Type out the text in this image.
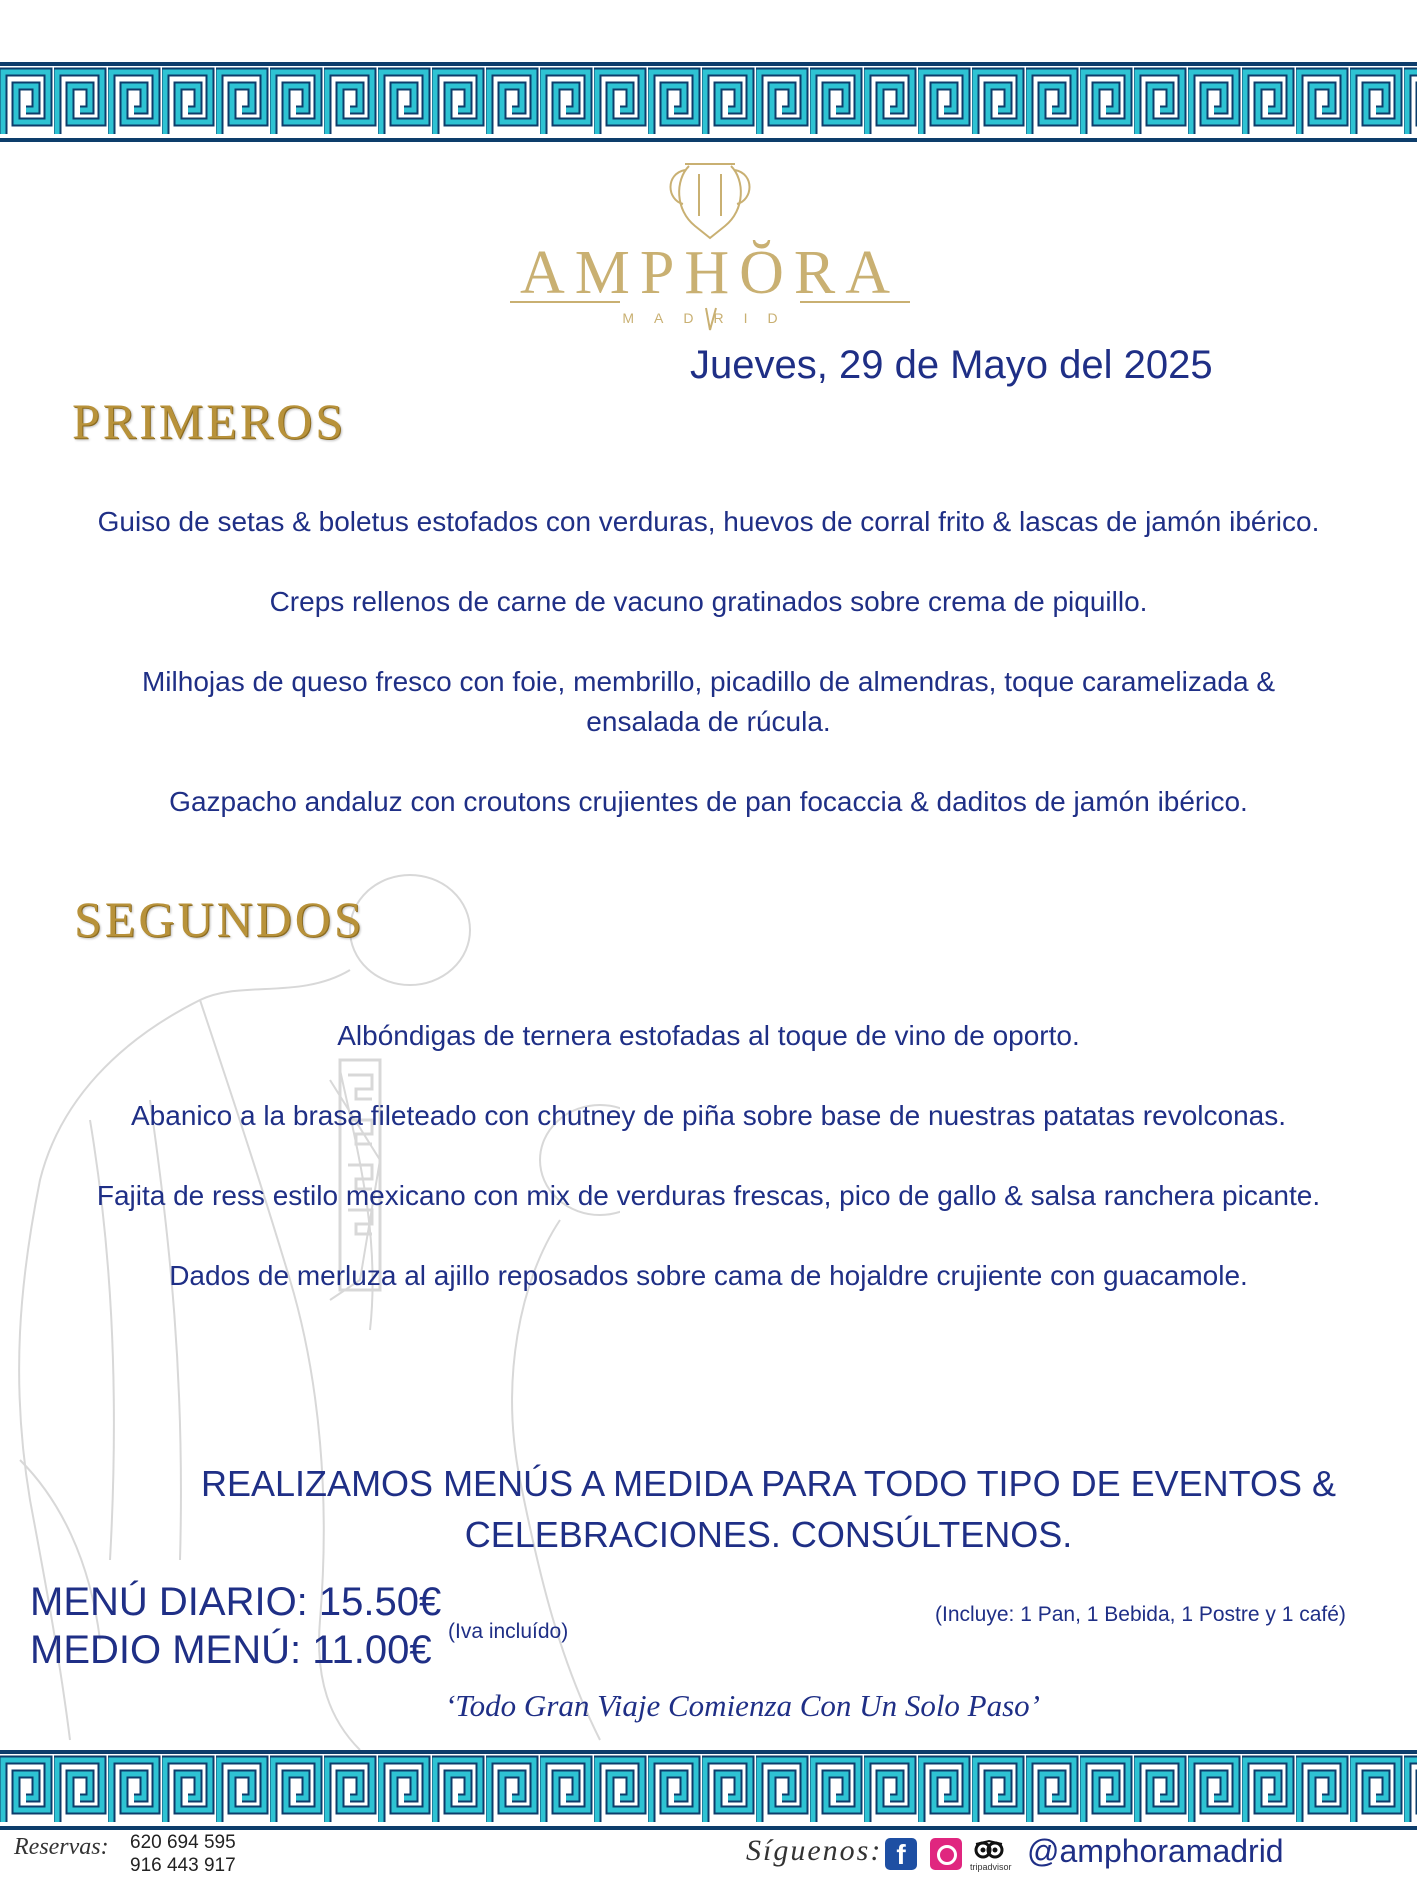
AMPHŎRA
MADRID
Jueves, 29 de Mayo del 2025
PRIMEROS
Guiso de setas & boletus estofados con verduras, huevos de corral frito & lascas de jamón ibérico.
Creps rellenos de carne de vacuno gratinados sobre crema de piquillo.
Milhojas de queso fresco con foie, membrillo, picadillo de almendras, toque caramelizada &
ensalada de rúcula.
Gazpacho andaluz con croutons crujientes de pan focaccia & daditos de jamón ibérico.
SEGUNDOS
Albóndigas de ternera estofadas al toque de vino de oporto.
Abanico a la brasa fileteado con chutney de piña sobre base de nuestras patatas revolconas.
Fajita de ress estilo mexicano con mix de verduras frescas, pico de gallo & salsa ranchera picante.
Dados de merluza al ajillo reposados sobre cama de hojaldre crujiente con guacamole.
REALIZAMOS MENÚS A MEDIDA PARA TODO TIPO DE EVENTOS &
CELEBRACIONES. CONSÚLTENOS.
MENÚ DIARIO: 15.50€
MEDIO MENÚ: 11.00€ (Iva incluído)
(Incluye: 1 Pan, 1 Bebida, 1 Postre y 1 café)
‘Todo Gran Viaje Comienza Con Un Solo Paso’
Reservas: 620 694 595
916 443 917	Síguenos: f	tripadvisor @amphoramadrid
